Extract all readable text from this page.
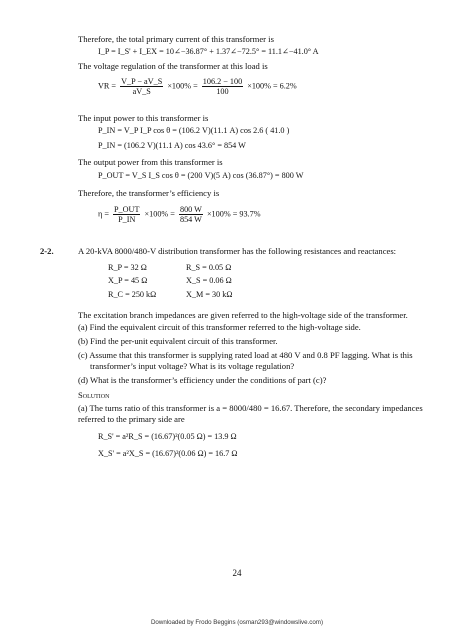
Therefore, the total primary current of this transformer is
I_P = I_S' + I_EX = 10∠−36.87° + 1.37∠−72.5° = 11.1∠−41.0° A
The voltage regulation of the transformer at this load is
VR = $\frac{V\_P - aV\_S}{aV\_S} \times 100\% = \frac{106.2 - 100}{100} \times 100\% = 6.2\%$
The input power to this transformer is
P_IN = V_P I_P cos θ = (106.2 V)(11.1 A) cos 2.6 ( 41.0 )
P_IN = (106.2 V)(11.1 A) cos 43.6° = 854 W
The output power from this transformer is
P_OUT = V_S I_S cos θ = (200 V)(5 A) cos (36.87°) = 800 W
Therefore, the transformer’s efficiency is
$\eta = \frac{\text{P\_OUT}}{P\_IN} \times 100\% = \frac{800 W}{854 W} \times 100\% = 93.7\%$
2-2.	A 20-kVA 8000/480-V distribution transformer has the following resistances and reactances:
R_P = 32 Ω	R_S = 0.05 Ω
X_P = 45 Ω	X_S = 0.06 Ω
R_C = 250 kΩ	X_M = 30 kΩ
The excitation branch impedances are given referred to the high-voltage side of the transformer.
(a) Find the equivalent circuit of this transformer referred to the high-voltage side.
(b) Find the per-unit equivalent circuit of this transformer.
(c) Assume that this transformer is supplying rated load at 480 V and 0.8 PF lagging. What is this
transformer’s input voltage? What is its voltage regulation?
(d) What is the transformer’s efficiency under the conditions of part (c)?
Solution
(a) The turns ratio of this transformer is a = 8000/480 = 16.67. Therefore, the secondary impedances
referred to the primary side are
R_S' = a²R_S = (16.67)²(0.05 Ω) = 13.9 Ω
X_S' = a²X_S = (16.67)²(0.06 Ω) = 16.7 Ω
24
Downloaded by Frodo Beggins (osman293@windowslive.com)
